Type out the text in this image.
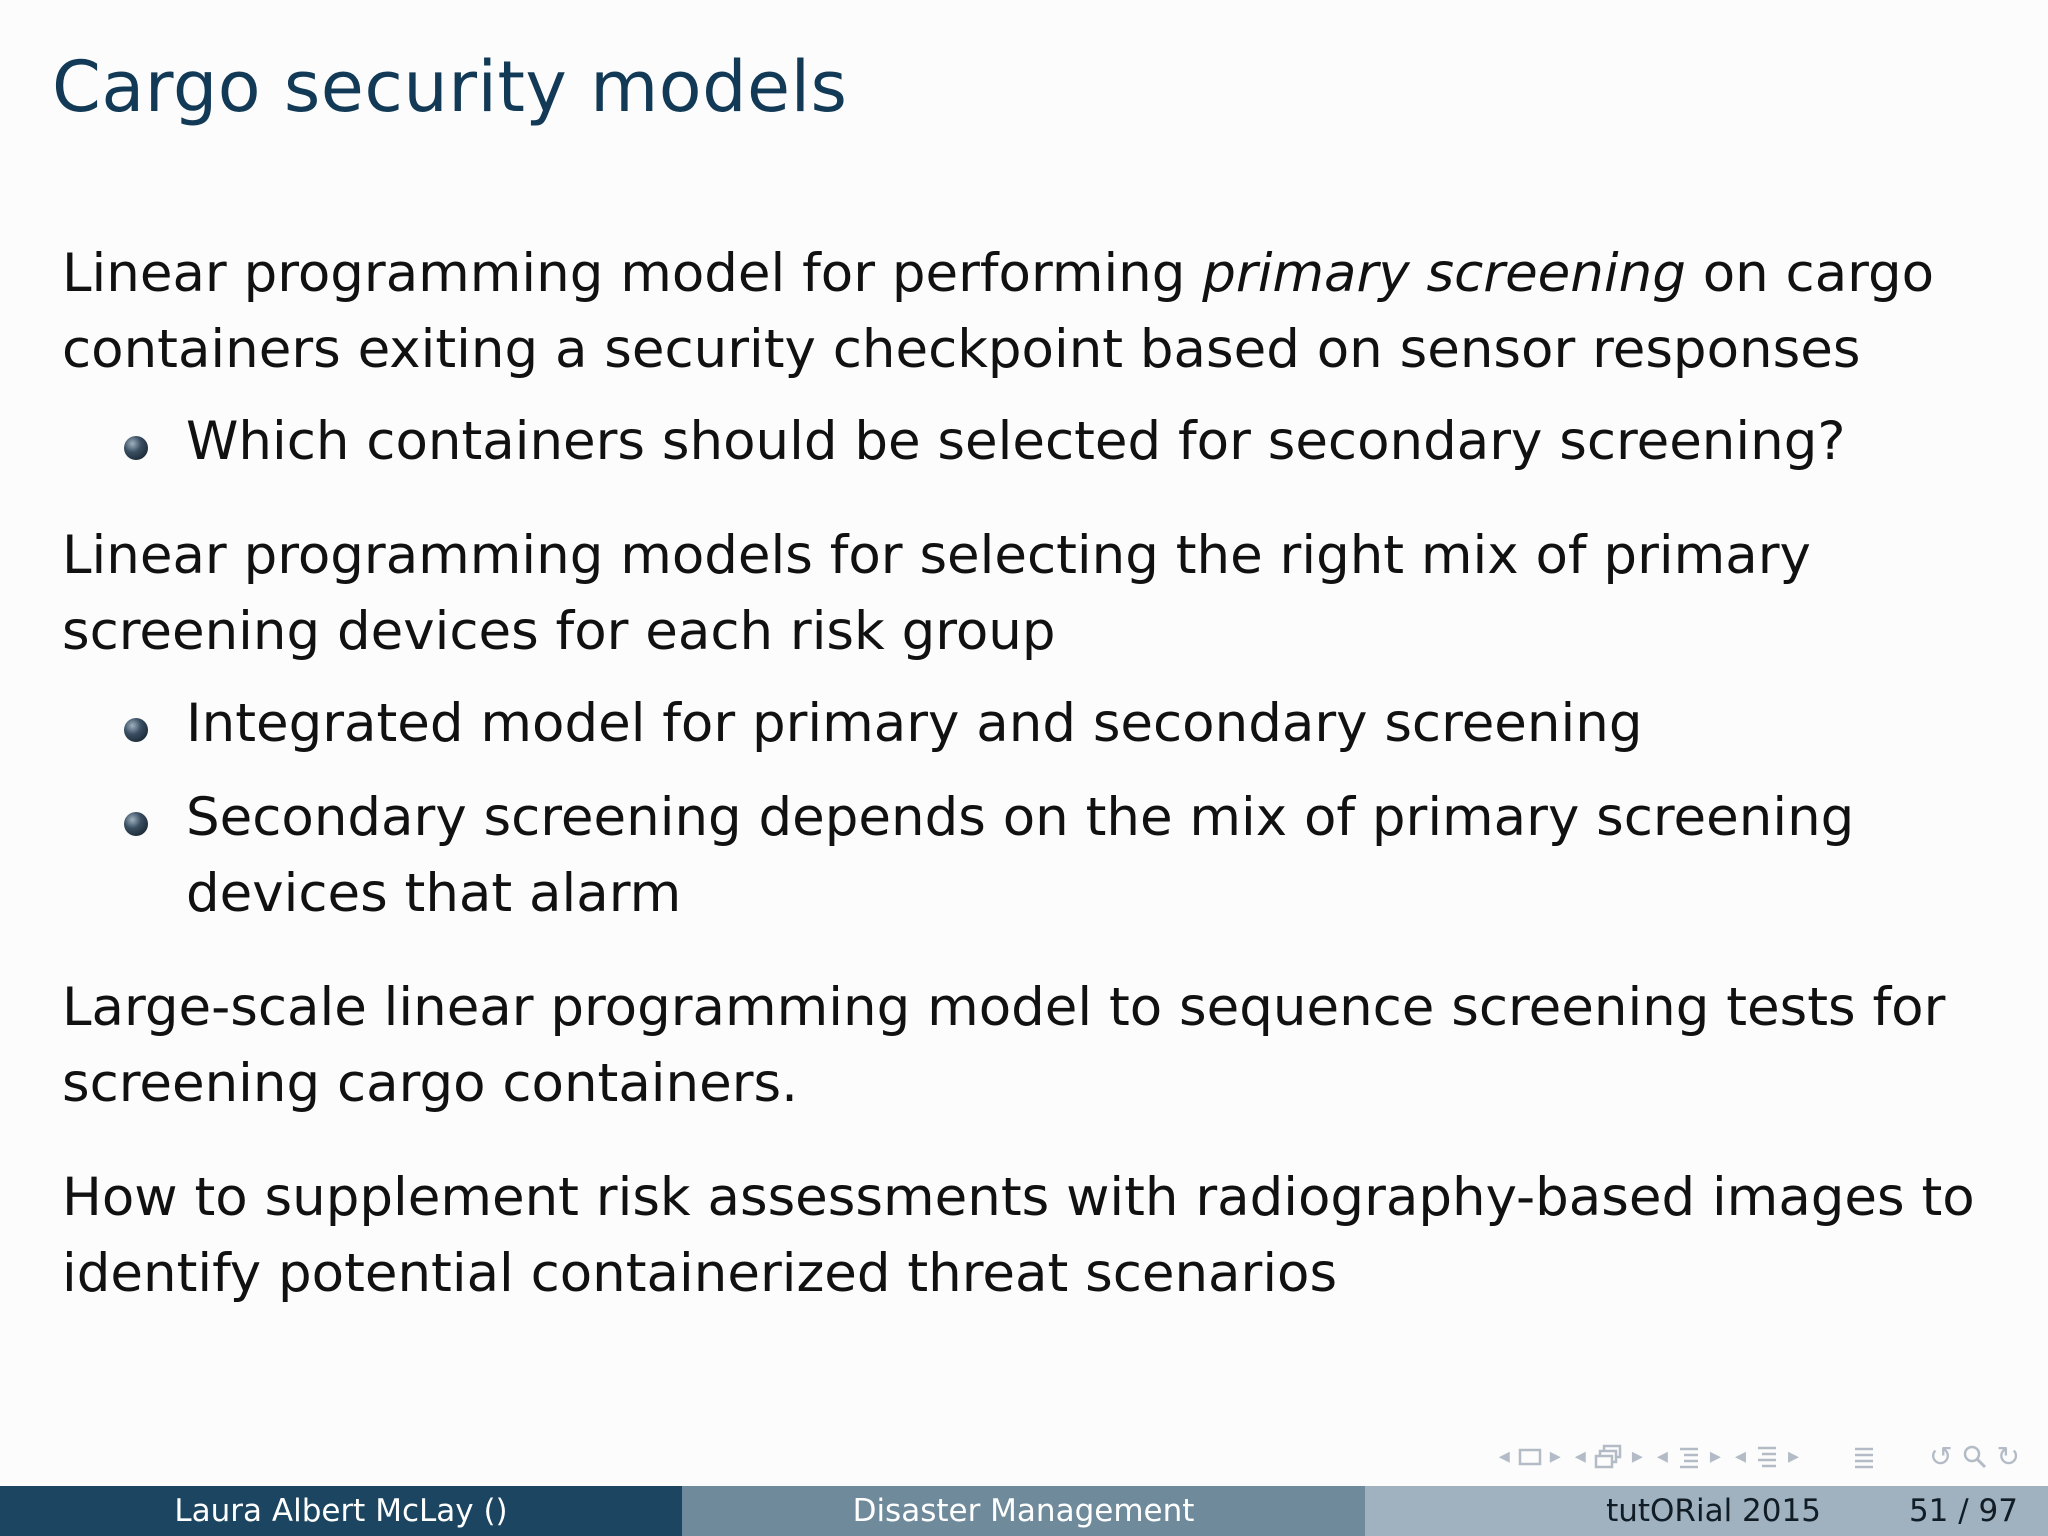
Cargo security models

Linear programming model for performing primary screening on cargo containers exiting a security checkpoint based on sensor responses

Which containers should be selected for secondary screening?

Linear programming models for selecting the right mix of primary screening devices for each risk group

Integrated model for primary and secondary screening
Secondary screening depends on the mix of primary screening devices that alarm

Large-scale linear programming model to sequence screening tests for screening cargo containers.

How to supplement risk assessments with radiography-based images to identify potential containerized threat scenarios

◂ ▸ ◂ ▸ ◂ ▸ ◂ ▸	↺ ↻
Laura Albert McLay ()	Disaster Management	tutORial 2015	51 / 97
